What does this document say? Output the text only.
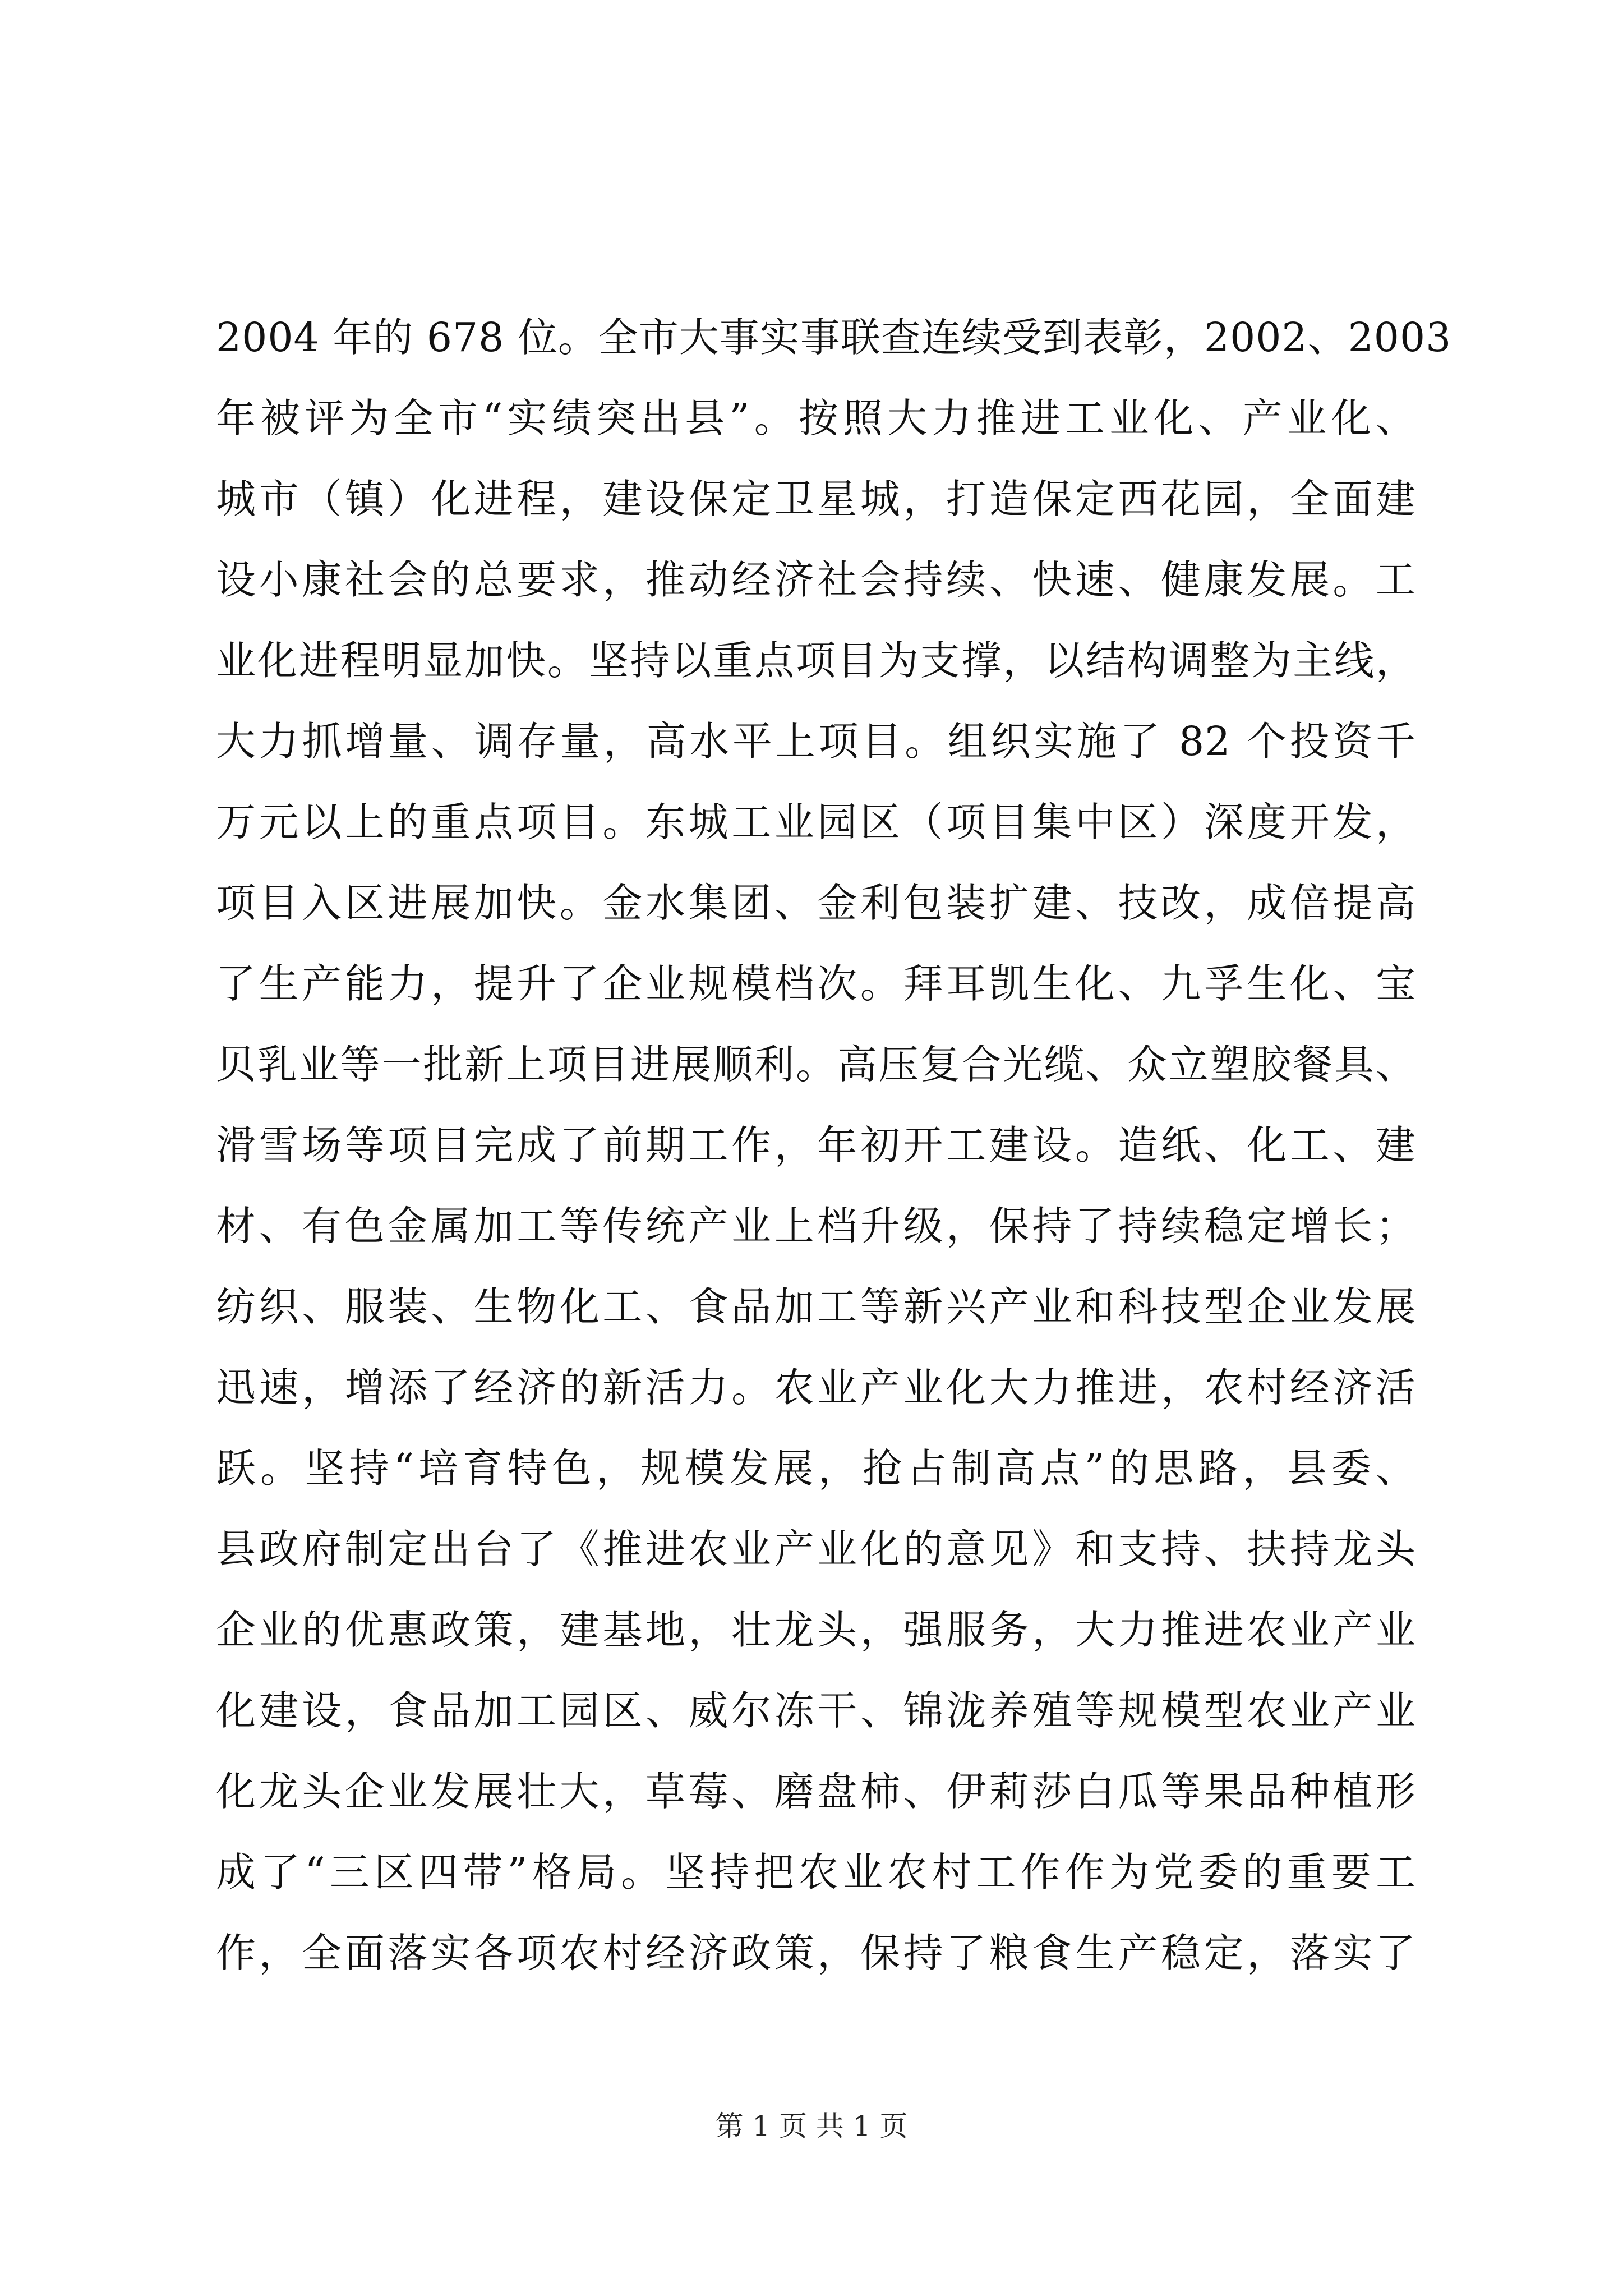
2004 年的 678 位。全市大事实事联查连续受到表彰，2002、2003
年被评为全市“实绩突出县”。按照大力推进工业化、产业化、
城市（镇）化进程，建设保定卫星城，打造保定西花园，全面建
设小康社会的总要求，推动经济社会持续、快速、健康发展。工
业化进程明显加快。坚持以重点项目为支撑，以结构调整为主线，
大力抓增量、调存量，高水平上项目。组织实施了 82 个投资千
万元以上的重点项目。东城工业园区（项目集中区）深度开发，
项目入区进展加快。金水集团、金利包装扩建、技改，成倍提高
了生产能力，提升了企业规模档次。拜耳凯生化、九孚生化、宝
贝乳业等一批新上项目进展顺利。高压复合光缆、众立塑胶餐具、
滑雪场等项目完成了前期工作，年初开工建设。造纸、化工、建
材、有色金属加工等传统产业上档升级，保持了持续稳定增长；
纺织、服装、生物化工、食品加工等新兴产业和科技型企业发展
迅速，增添了经济的新活力。农业产业化大力推进，农村经济活
跃。坚持“培育特色，规模发展，抢占制高点”的思路，县委、
县政府制定出台了《推进农业产业化的意见》和支持、扶持龙头
企业的优惠政策，建基地，壮龙头，强服务，大力推进农业产业
化建设，食品加工园区、威尔冻干、锦泷养殖等规模型农业产业
化龙头企业发展壮大，草莓、磨盘柿、伊莉莎白瓜等果品种植形
成了“三区四带”格局。坚持把农业农村工作作为党委的重要工
作，全面落实各项农村经济政策，保持了粮食生产稳定，落实了
第 1 页 共 1 页
